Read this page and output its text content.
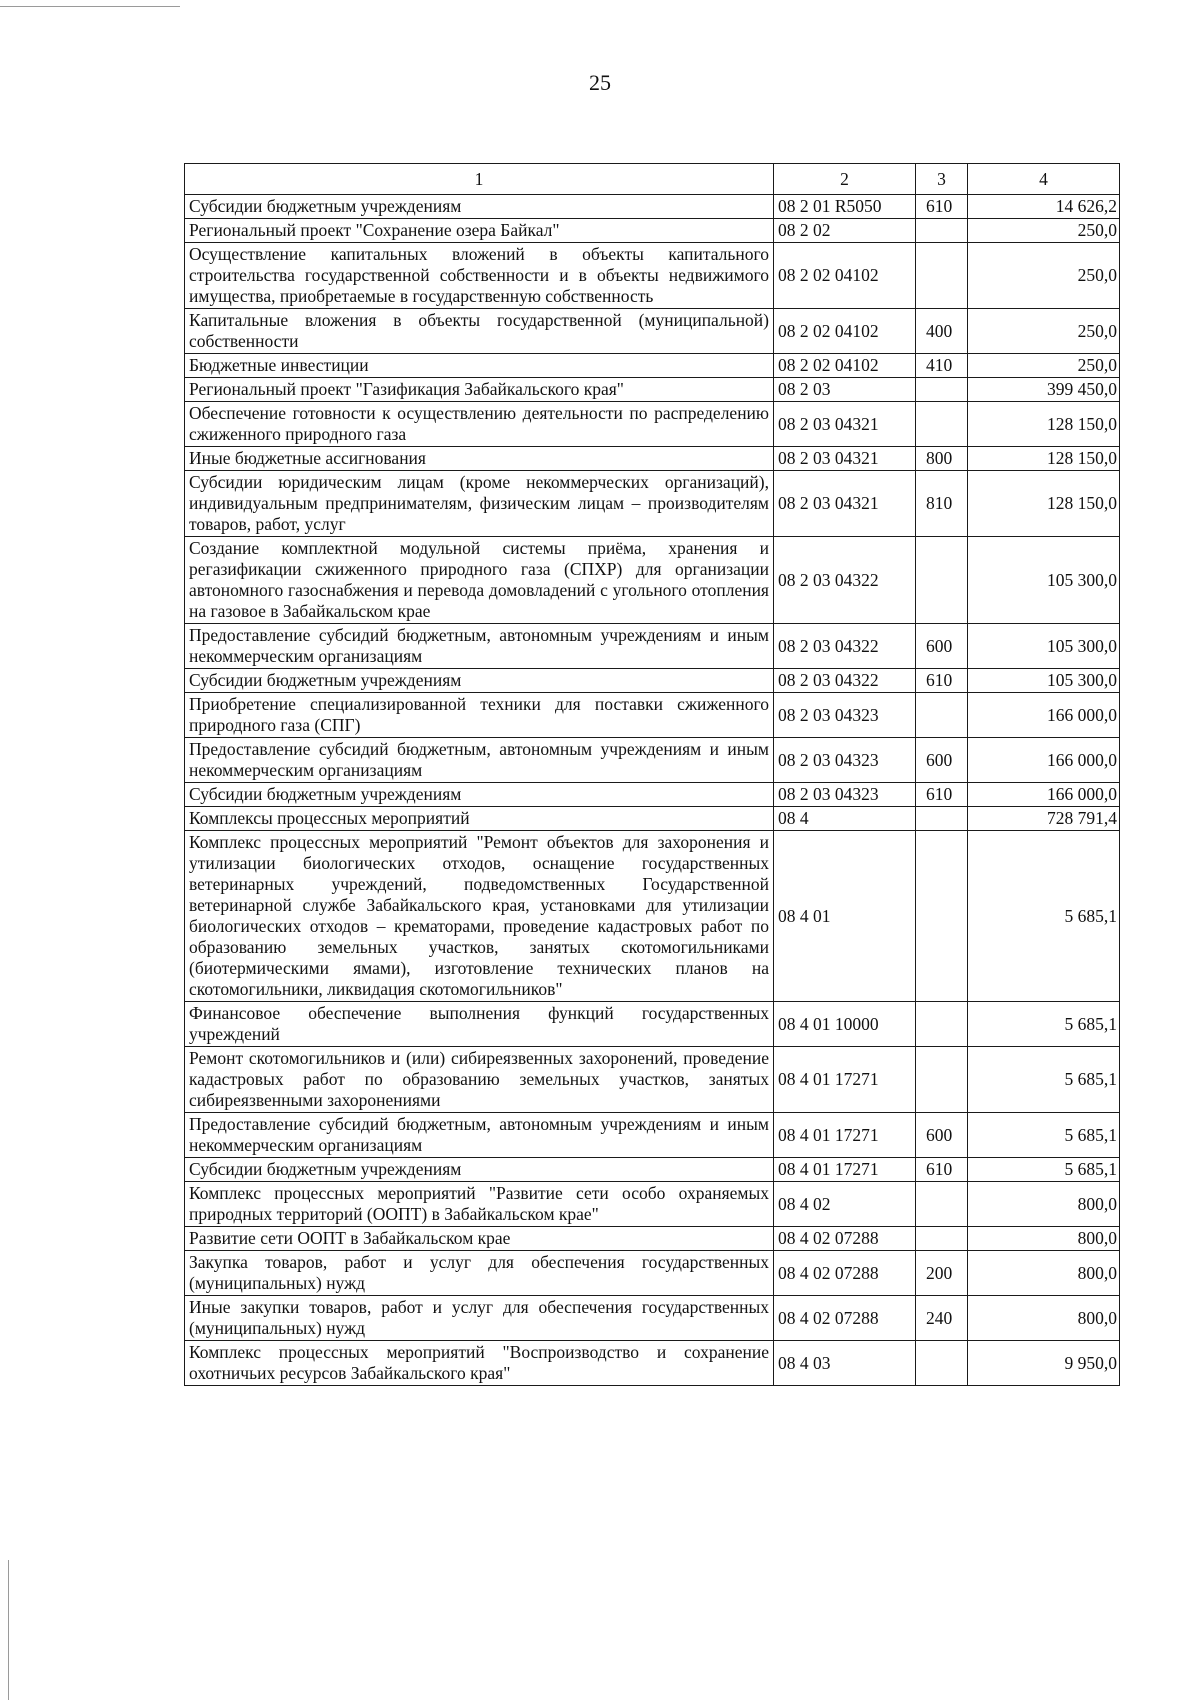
25
1	2	3	4
Субсидии бюджетным учреждениям	08 2 01 R5050	610	14 626,2
Региональный проект "Сохранение озера Байкал"	08 2 02		250,0
Осуществление капитальных вложений в объекты капитального строительства государственной собственности и в объекты недвижимого имущества, приобретаемые в государственную собственность	08 2 02 04102		250,0
Капитальные вложения в объекты государственной (муниципальной) собственности	08 2 02 04102	400	250,0
Бюджетные инвестиции	08 2 02 04102	410	250,0
Региональный проект "Газификация Забайкальского края"	08 2 03		399 450,0
Обеспечение готовности к осуществлению деятельности по распределению сжиженного природного газа	08 2 03 04321		128 150,0
Иные бюджетные ассигнования	08 2 03 04321	800	128 150,0
Субсидии юридическим лицам (кроме некоммерческих организаций), индивидуальным предпринимателям, физическим лицам – производителям товаров, работ, услуг	08 2 03 04321	810	128 150,0
Создание комплектной модульной системы приёма, хранения и регазификации сжиженного природного газа (СПХР) для организации автономного газоснабжения и перевода домовладений с угольного отопления на газовое в Забайкальском крае	08 2 03 04322		105 300,0
Предоставление субсидий бюджетным, автономным учреждениям и иным некоммерческим организациям	08 2 03 04322	600	105 300,0
Субсидии бюджетным учреждениям	08 2 03 04322	610	105 300,0
Приобретение специализированной техники для поставки сжиженного природного газа (СПГ)	08 2 03 04323		166 000,0
Предоставление субсидий бюджетным, автономным учреждениям и иным некоммерческим организациям	08 2 03 04323	600	166 000,0
Субсидии бюджетным учреждениям	08 2 03 04323	610	166 000,0
Комплексы процессных мероприятий	08 4		728 791,4
Комплекс процессных мероприятий "Ремонт объектов для захоронения и утилизации биологических отходов, оснащение государственных ветеринарных учреждений, подведомственных Государственной ветеринарной службе Забайкальского края, установками для утилизации биологических отходов – крематорами, проведение кадастровых работ по образованию земельных участков, занятых скотомогильниками (биотермическими ямами), изготовление технических планов на скотомогильники, ликвидация скотомогильников"	08 4 01		5 685,1
Финансовое обеспечение выполнения функций государственных учреждений	08 4 01 10000		5 685,1
Ремонт скотомогильников и (или) сибиреязвенных захоронений, проведение кадастровых работ по образованию земельных участков, занятых сибиреязвенными захоронениями	08 4 01 17271		5 685,1
Предоставление субсидий бюджетным, автономным учреждениям и иным некоммерческим организациям	08 4 01 17271	600	5 685,1
Субсидии бюджетным учреждениям	08 4 01 17271	610	5 685,1
Комплекс процессных мероприятий "Развитие сети особо охраняемых природных территорий (ООПТ) в Забайкальском крае"	08 4 02		800,0
Развитие сети ООПТ в Забайкальском крае	08 4 02 07288		800,0
Закупка товаров, работ и услуг для обеспечения государственных (муниципальных) нужд	08 4 02 07288	200	800,0
Иные закупки товаров, работ и услуг для обеспечения государственных (муниципальных) нужд	08 4 02 07288	240	800,0
Комплекс процессных мероприятий "Воспроизводство и сохранение охотничьих ресурсов Забайкальского края"	08 4 03		9 950,0
